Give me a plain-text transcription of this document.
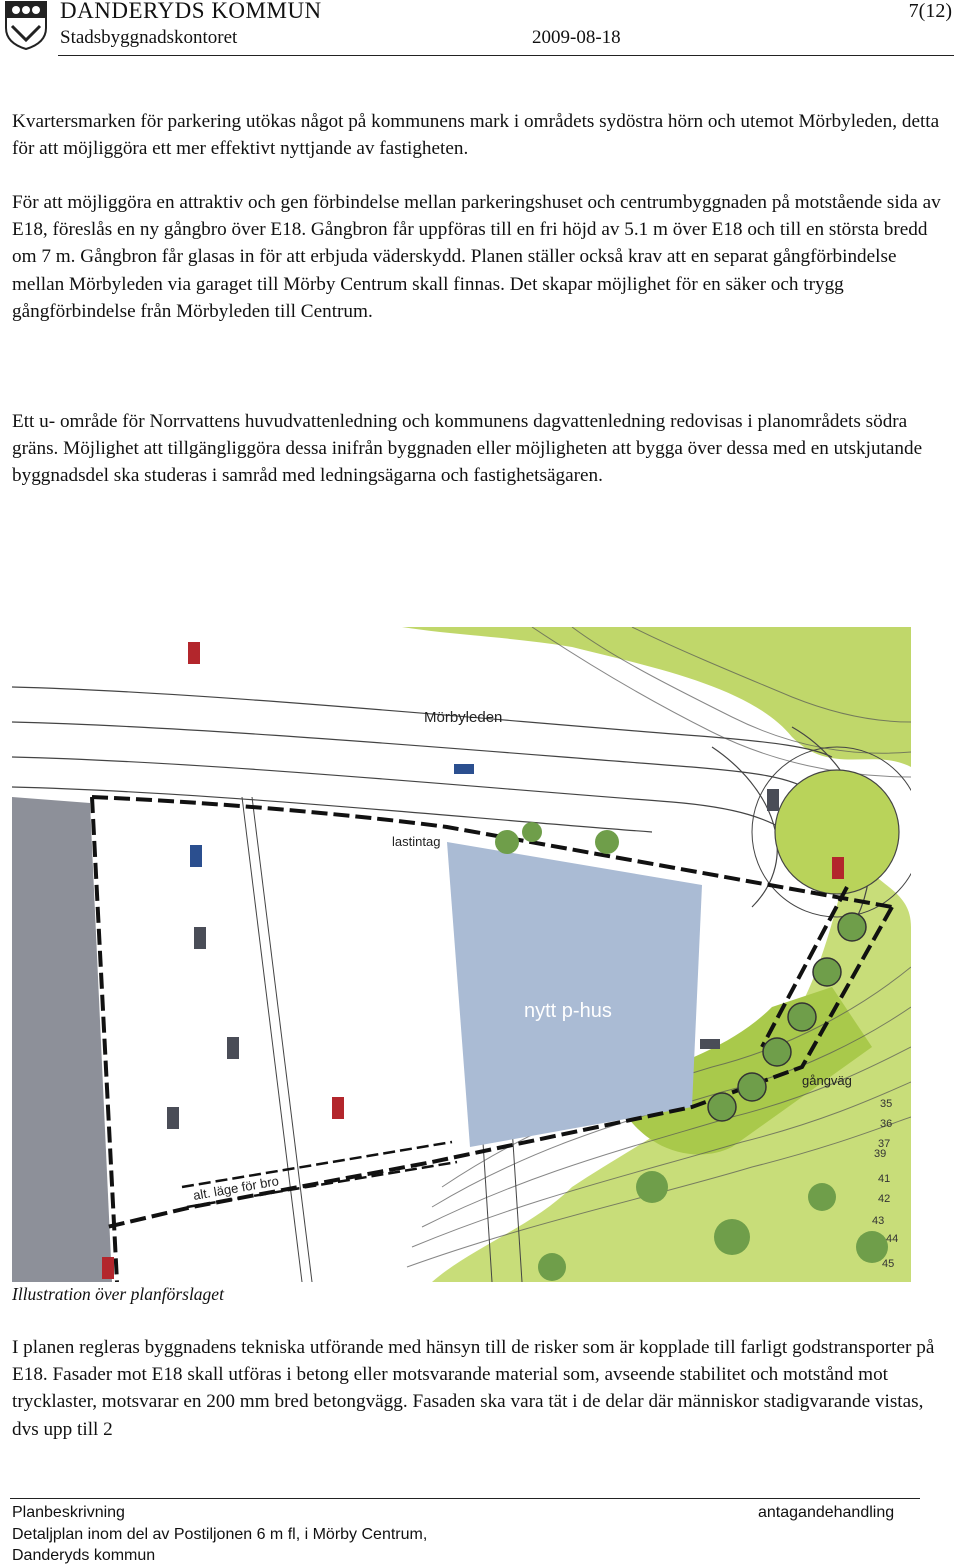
DANDERYDS KOMMUN
Stadsbyggnadskontoret	2009-08-18
7(12)
Kvartersmarken för parkering utökas något på kommunens mark i områdets sydöstra hörn och utemot Mörbyleden, detta för att möjliggöra ett mer effektivt nyttjande av fastigheten.
För att möjliggöra en attraktiv och gen förbindelse mellan parkeringshuset och centrumbyggnaden på motstående sida av E18, föreslås en ny gångbro över E18. Gångbron får uppföras till en fri höjd av 5.1 m över E18 och till en största bredd om 7 m. Gångbron får glasas in för att erbjuda väderskydd. Planen ställer också krav att en separat gångförbindelse mellan Mörbyleden via garaget till Mörby Centrum skall finnas. Det skapar möjlighet för en säker och trygg gångförbindelse från Mörbyleden till Centrum.
Ett u- område för Norrvattens huvudvattenledning och kommunens dagvattenledning redovisas i planområdets södra gräns. Möjlighet att tillgängliggöra dessa inifrån byggnaden eller möjligheten att bygga över dessa med en utskjutande byggnadsdel ska studeras i samråd med ledningsägarna och fastighetsägaren.
Mörbyleden
lastintag
nytt p-hus
gångväg
alt. läge för bro
35
36
37
39
41
42
43
44
45
Illustration över planförslaget
I planen regleras byggnadens tekniska utförande med hänsyn till de risker som är kopplade till farligt godstransporter på E18. Fasader mot E18 skall utföras i betong eller motsvarande material som, avseende stabilitet och motstånd mot trycklaster, motsvarar en 200 mm bred betongvägg. Fasaden ska vara tät i de delar där människor stadigvarande vistas, dvs upp till 2
Planbeskrivning
Detaljplan inom del av Postiljonen 6 m fl, i Mörby Centrum,
Danderyds kommun
antagandehandling
